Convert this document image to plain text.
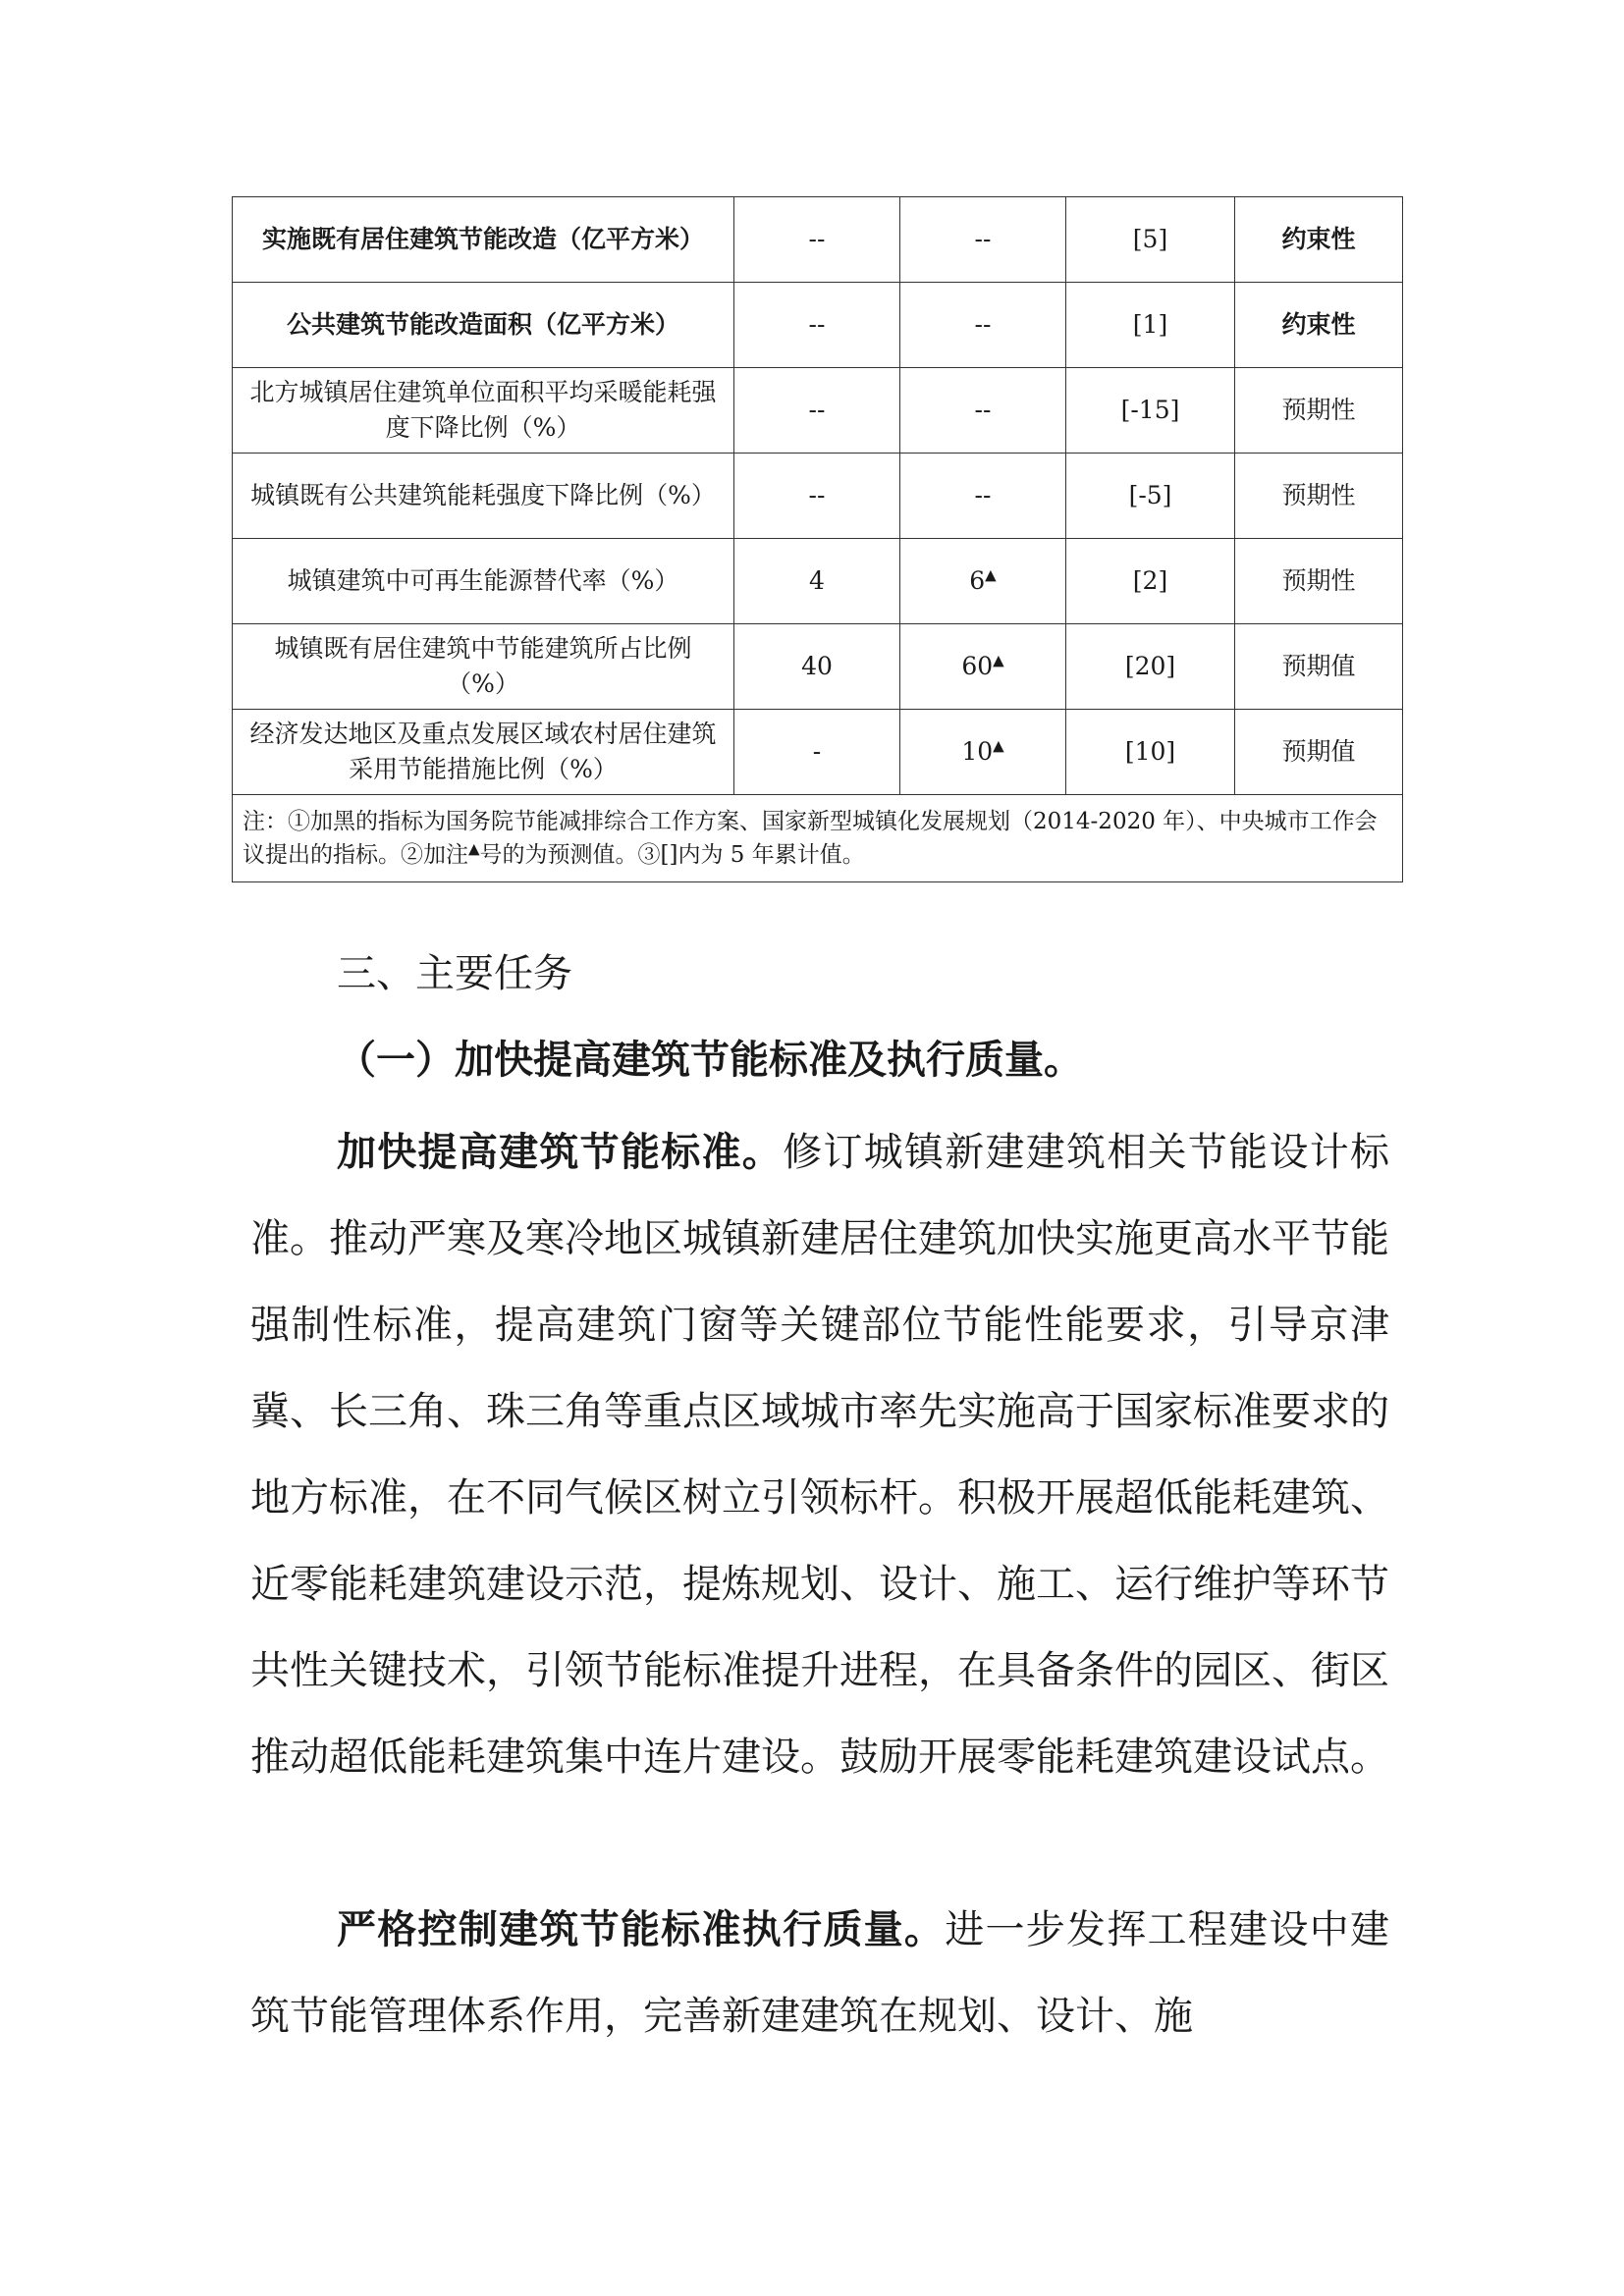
实施既有居住建筑节能改造（亿平方米）	--	--	[5]	约束性
公共建筑节能改造面积（亿平方米）	--	--	[1]	约束性
北方城镇居住建筑单位面积平均采暖能耗强度下降比例（%）	--	--	[-15]	预期性
城镇既有公共建筑能耗强度下降比例（%）	--	--	[-5]	预期性
城镇建筑中可再生能源替代率（%）	4	6▲	[2]	预期性
城镇既有居住建筑中节能建筑所占比例（%）	40	60▲	[20]	预期值
经济发达地区及重点发展区域农村居住建筑采用节能措施比例（%）	-	10▲	[10]	预期值
注：①加黑的指标为国务院节能减排综合工作方案、国家新型城镇化发展规划（2014-2020 年）、中央城市工作会议提出的指标。②加注▲号的为预测值。③[]内为 5 年累计值。				
三、主要任务
（一）加快提高建筑节能标准及执行质量。

加快提高建筑节能标准。修订城镇新建建筑相关节能设计标准。推动严寒及寒冷地区城镇新建居住建筑加快实施更高水平节能强制性标准，提高建筑门窗等关键部位节能性能要求，引导京津冀、长三角、珠三角等重点区域城市率先实施高于国家标准要求的地方标准，在不同气候区树立引领标杆。积极开展超低能耗建筑、近零能耗建筑建设示范，提炼规划、设计、施工、运行维护等环节共性关键技术，引领节能标准提升进程，在具备条件的园区、街区推动超低能耗建筑集中连片建设。鼓励开展零能耗建筑建设试点。

严格控制建筑节能标准执行质量。进一步发挥工程建设中建筑节能管理体系作用，完善新建建筑在规划、设计、施
